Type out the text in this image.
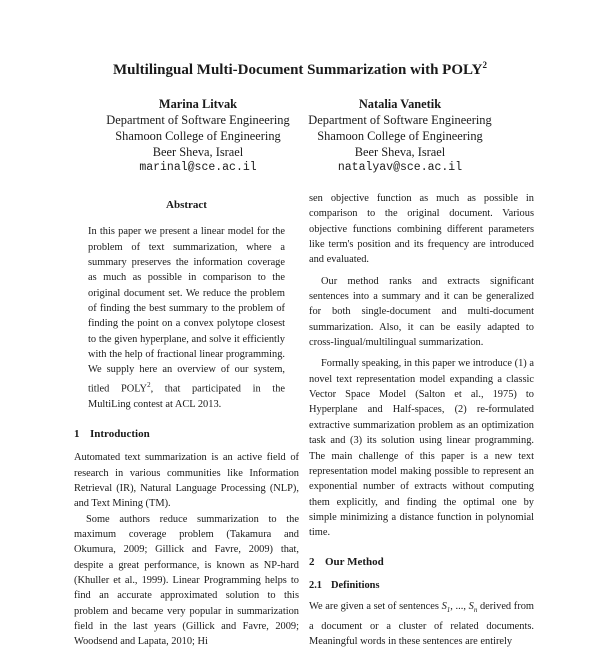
Multilingual Multi-Document Summarization with POLY$^2$
Marina Litvak
Department of Software Engineering
Shamoon College of Engineering
Beer Sheva, Israel
marinal@sce.ac.il
Natalia Vanetik
Department of Software Engineering
Shamoon College of Engineering
Beer Sheva, Israel
natalyav@sce.ac.il
Abstract

In this paper we present a linear model for the problem of text summarization, where a summary preserves the information coverage as much as possible in comparison to the original document set. We reduce the problem of finding the best summary to the problem of finding the point on a convex polytope closest to the given hyperplane, and solve it efficiently with the help of fractional linear programming. We supply here an overview of our system, titled POLY$^2$, that participated in the MultiLing contest at ACL 2013.

1 Introduction

Automated text summarization is an active field of research in various communities like Information Retrieval (IR), Natural Language Processing (NLP), and Text Mining (TM).

Some authors reduce summarization to the maximum coverage problem (Takamura and Okumura, 2009; Gillick and Favre, 2009) that, despite a great performance, is known as NP-hard (Khuller et al., 1999). Linear Programming helps to find an accurate approximated solution to this problem and became very popular in summarization field in the last years (Gillick and Favre, 2009; Woodsend and Lapata, 2010; Hi

sen objective function as much as possible in comparison to the original document. Various objective functions combining different parameters like term's position and its frequency are introduced and evaluated.

Our method ranks and extracts significant sentences into a summary and it can be generalized for both single-document and multi-document summarization. Also, it can be easily adapted to cross-lingual/multilingual summarization.

Formally speaking, in this paper we introduce (1) a novel text representation model expanding a classic Vector Space Model (Salton et al., 1975) to Hyperplane and Half-spaces, (2) re-formulated extractive summarization problem as an optimization task and (3) its solution using linear programming. The main challenge of this paper is a new text representation model making possible to represent an exponential number of extracts without computing them explicitly, and finding the optimal one by simple minimizing a distance function in polynomial time.

2 Our Method
2.1 Definitions

We are given a set of sentences $S_1$, ..., $S_n$ derived from a document or a cluster of related documents. Meaningful words in these sentences are entirely
